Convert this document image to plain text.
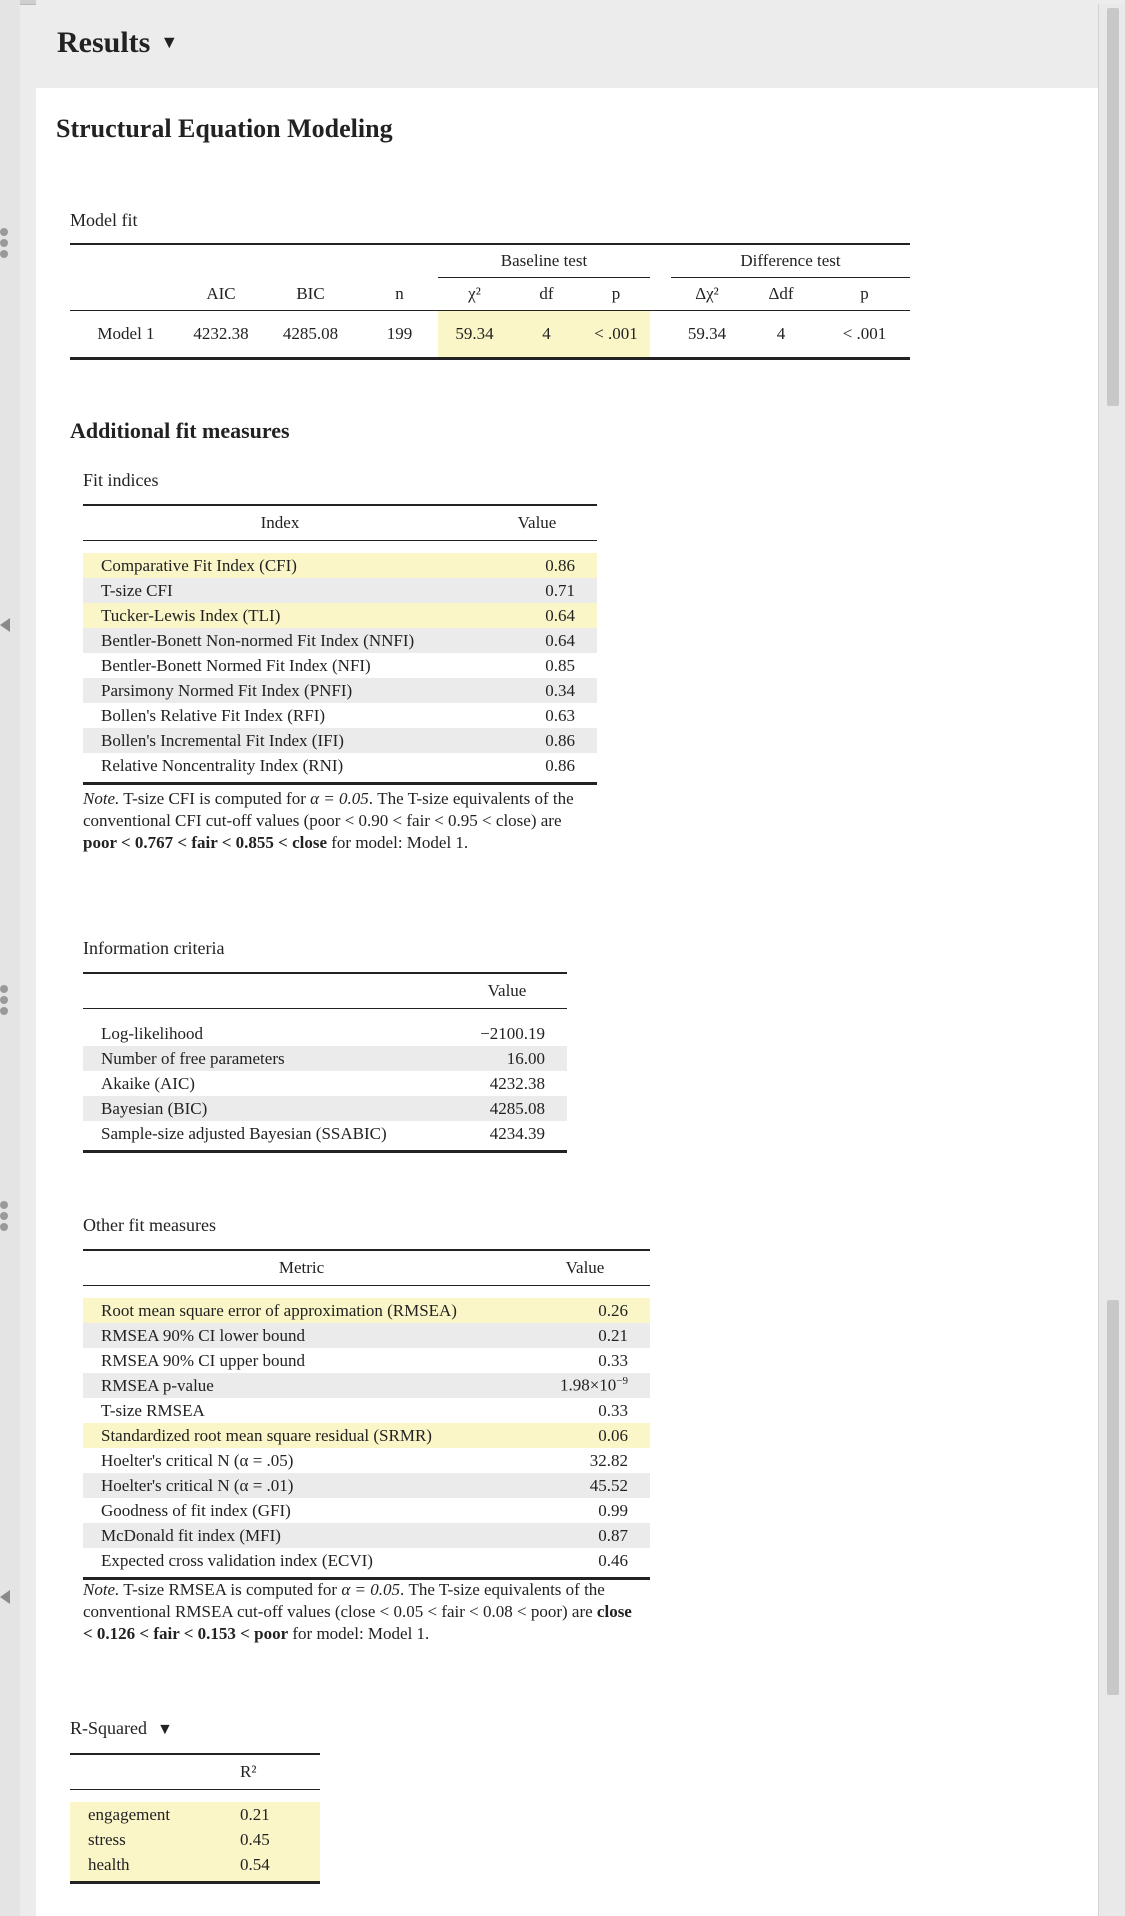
Results ▼
Structural Equation Modeling
Model fit
				Baseline test				Difference test		
	AIC	BIC	n	χ²	df	p		Δχ²	Δdf	p
Model 1	4232.38	4285.08	199	59.34	4	< .001		59.34	4	< .001
Additional fit measures
Fit indices
Index	Value

Comparative Fit Index (CFI)	0.86
T-size CFI	0.71
Tucker-Lewis Index (TLI)	0.64
Bentler-Bonett Non-normed Fit Index (NNFI)	0.64
Bentler-Bonett Normed Fit Index (NFI)	0.85
Parsimony Normed Fit Index (PNFI)	0.34
Bollen's Relative Fit Index (RFI)	0.63
Bollen's Incremental Fit Index (IFI)	0.86
Relative Noncentrality Index (RNI)	0.86
Note. T-size CFI is computed for α = 0.05. The T-size equivalents of the conventional CFI cut-off values (poor < 0.90 < fair < 0.95 < close) are poor < 0.767 < fair < 0.855 < close for model: Model 1.
Information criteria
	Value

Log-likelihood	−2100.19
Number of free parameters	16.00
Akaike (AIC)	4232.38
Bayesian (BIC)	4285.08
Sample-size adjusted Bayesian (SSABIC)	4234.39
Other fit measures
Metric	Value

Root mean square error of approximation (RMSEA)	0.26
RMSEA 90% CI lower bound	0.21
RMSEA 90% CI upper bound	0.33
RMSEA p-value	$1.98\times 10^{-9}$
T-size RMSEA	0.33
Standardized root mean square residual (SRMR)	0.06
Hoelter's critical N (α = .05)	32.82
Hoelter's critical N (α = .01)	45.52
Goodness of fit index (GFI)	0.99
McDonald fit index (MFI)	0.87
Expected cross validation index (ECVI)	0.46
Note. T-size RMSEA is computed for α = 0.05. The T-size equivalents of the conventional RMSEA cut-off values (close < 0.05 < fair < 0.08 < poor) are close < 0.126 < fair < 0.153 < poor for model: Model 1.
R-Squared ▼
	R²

engagement	0.21
stress	0.45
health	0.54
